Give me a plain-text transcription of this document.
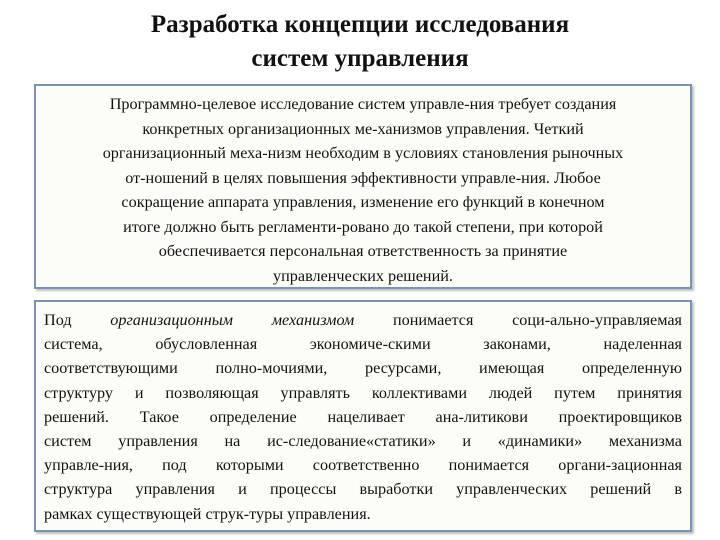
Разработка концепции исследования
систем управления
Программно-целевое исследование систем управле-ния требует создания
конкретных организационных ме-ханизмов управления. Четкий
организационный меха-низм необходим в условиях становления рыночных
от-ношений в целях повышения эффективности управле-ния. Любое
сокращение аппарата управления, изменение его функций в конечном
итоге должно быть регламенти-ровано до такой степени, при которой
обеспечивается персональная ответственность за принятие
управленческих решений.
Под организационным механизмом понимается соци-ально-управляемая
система, обусловленная экономиче-скими законами, наделенная
соответствующими полно-мочиями, ресурсами, имеющая определенную
структуру и позволяющая управлять коллективами людей путем принятия
решений. Такое определение нацеливает ана-литикови проектировщиков
систем управления на ис-следование«статики» и «динамики» механизма
управле-ния, под которыми соответственно понимается органи-зационная
структура управления и процессы выработки управленческих решений в
рамках существующей струк-туры управления.
